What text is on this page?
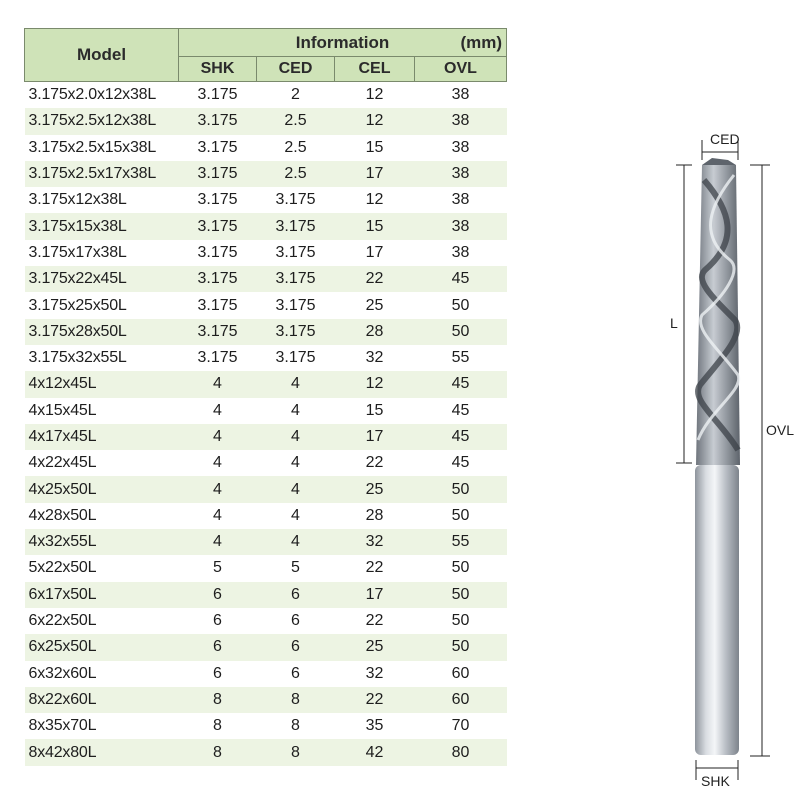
Model	Information (mm)			

	SHK	CED	CEL	OVL
3.175x2.0x12x38L	3.175	2	12	38
3.175x2.5x12x38L	3.175	2.5	12	38
3.175x2.5x15x38L	3.175	2.5	15	38
3.175x2.5x17x38L	3.175	2.5	17	38
3.175x12x38L	3.175	3.175	12	38
3.175x15x38L	3.175	3.175	15	38
3.175x17x38L	3.175	3.175	17	38
3.175x22x45L	3.175	3.175	22	45
3.175x25x50L	3.175	3.175	25	50
3.175x28x50L	3.175	3.175	28	50
3.175x32x55L	3.175	3.175	32	55
4x12x45L	4	4	12	45
4x15x45L	4	4	15	45
4x17x45L	4	4	17	45
4x22x45L	4	4	22	45
4x25x50L	4	4	25	50
4x28x50L	4	4	28	50
4x32x55L	4	4	32	55
5x22x50L	5	5	22	50
6x17x50L	6	6	17	50
6x22x50L	6	6	22	50
6x25x50L	6	6	25	50
6x32x60L	6	6	32	60
8x22x60L	8	8	22	60
8x35x70L	8	8	35	70
8x42x80L	8	8	42	80
CED
L
OVL
SHK
